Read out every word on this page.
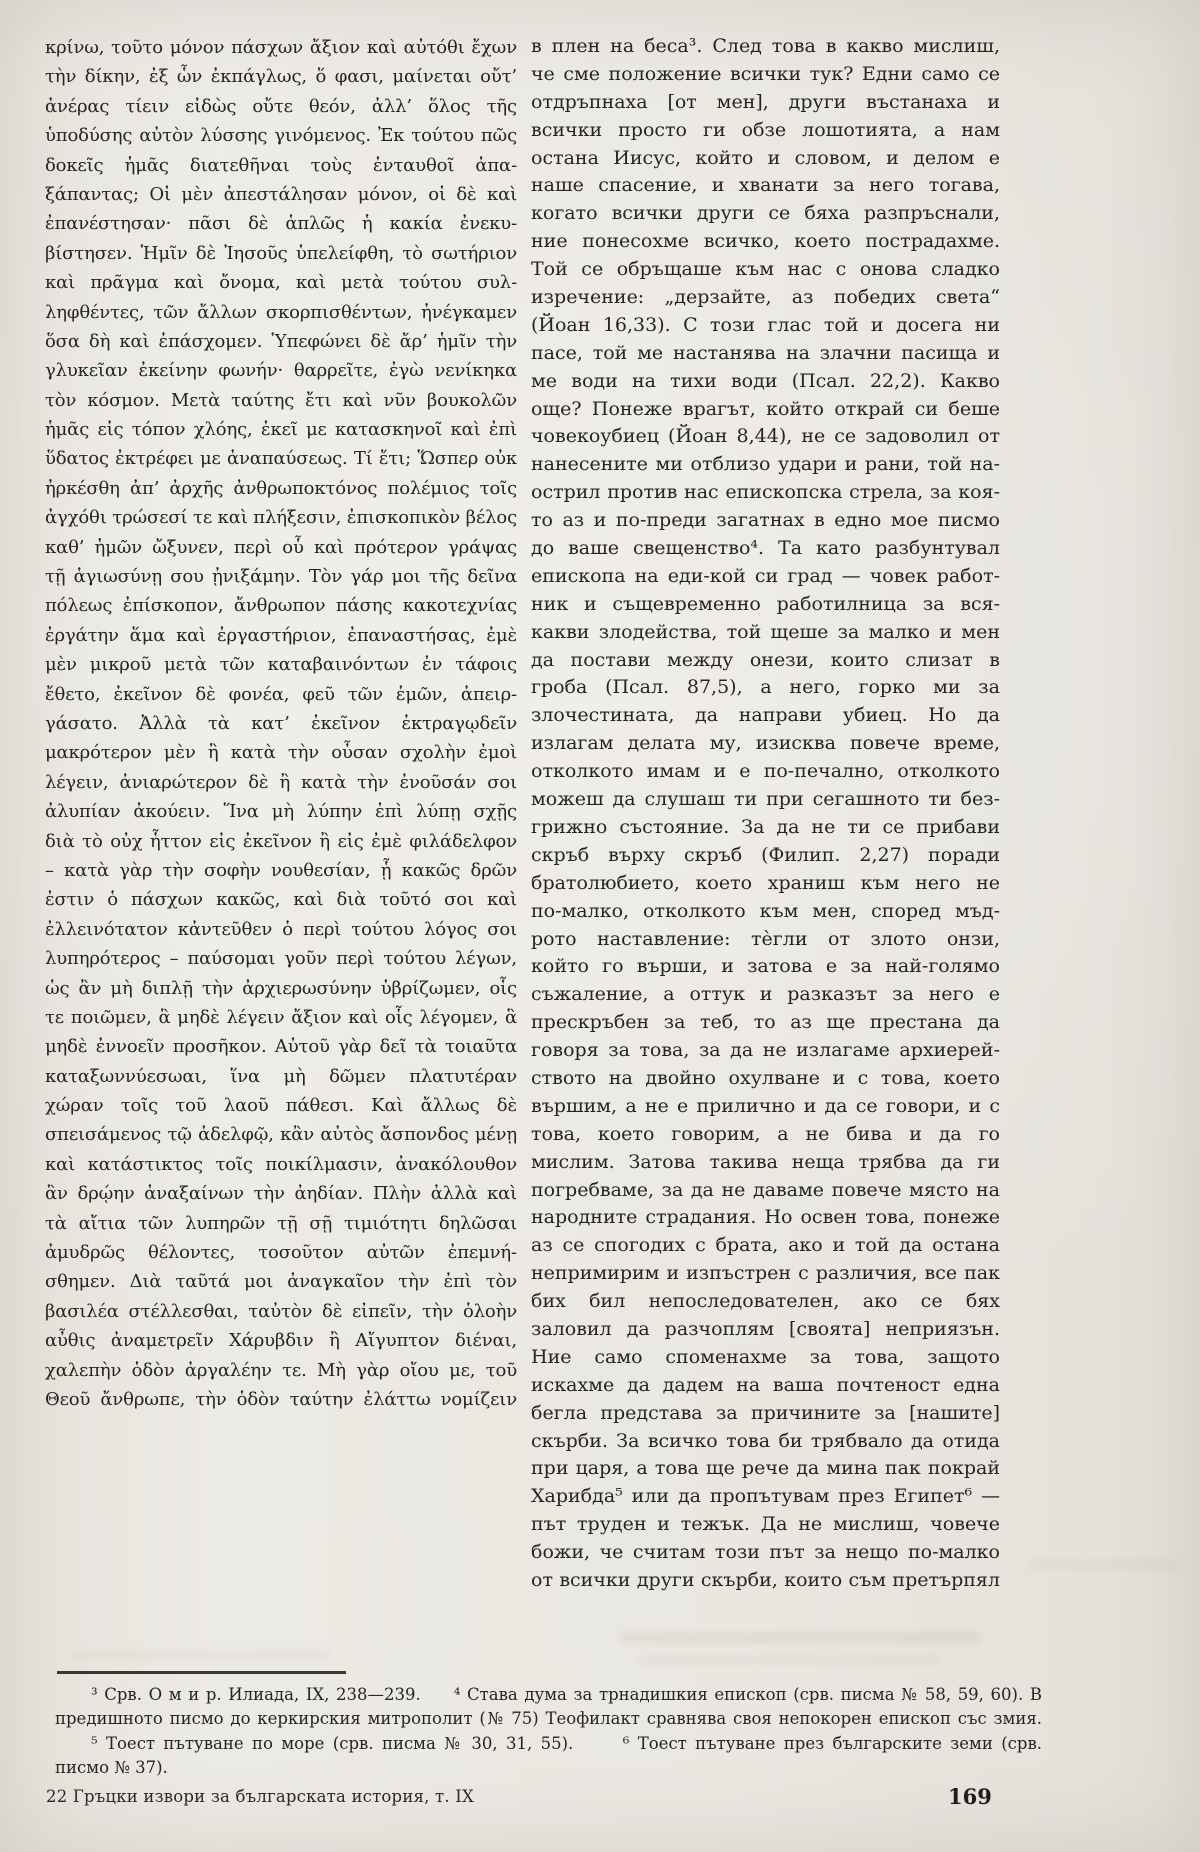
κρίνω, τοῦτο μόνον πάσχων ἄξιον καὶ αὐτόθι ἔχων
τὴν δίκην, ἐξ ὧν ἐκπάγλως, ὅ φασι, μαίνεται οὔτ’
ἀνέρας τίειν εἰδὼς οὔτε θεόν, ἀλλ’ ὅλος τῆς
ὑποδύσης αὐτὸν λύσσης γινόμενος. Ἐκ τούτου πῶς
δοκεῖς ἡμᾶς διατεθῆναι τοὺς ἐνταυθοῖ ἀπα-
ξάπαντας; Οἱ μὲν ἀπεστάλησαν μόνον, οἱ δὲ καὶ
ἐπανέστησαν· πᾶσι δὲ ἁπλῶς ἡ κακία ἐνεκυ-
βίστησεν. Ἡμῖν δὲ Ἰησοῦς ὑπελείφθη, τὸ σωτήριον
καὶ πρᾶγμα καὶ ὄνομα, καὶ μετὰ τούτου συλ-
ληφθέντες, τῶν ἄλλων σκορπισθέντων, ἠνέγκαμεν
ὅσα δὴ καὶ ἐπάσχομεν. Ὑπεφώνει δὲ ἄρ’ ἡμῖν τὴν
γλυκεῖαν ἐκείνην φωνήν· θαρρεῖτε, ἐγὼ νενίκηκα
τὸν κόσμον. Μετὰ ταύτης ἔτι καὶ νῦν βουκολῶν
ἡμᾶς εἰς τόπον χλόης, ἐκεῖ με κατασκηνοῖ καὶ ἐπὶ
ὕδατος ἐκτρέφει με ἀναπαύσεως. Τί ἔτι; Ὥσπερ οὐκ
ἠρκέσθη ἀπ’ ἀρχῆς ἀνθρωποκτόνος πολέμιος τοῖς
ἀγχόθι τρώσεσί τε καὶ πλήξεσιν, ἐπισκοπικὸν βέλος
καθ’ ἡμῶν ὤξυνεν, περὶ οὗ καὶ πρότερον γράψας
τῇ ἁγιωσύνῃ σου ᾐνιξάμην. Τὸν γάρ μοι τῆς δεῖνα
πόλεως ἐπίσκοπον, ἄνθρωπον πάσης κακοτεχνίας
ἐργάτην ἅμα καὶ ἐργαστήριον, ἐπαναστήσας, ἐμὲ
μὲν μικροῦ μετὰ τῶν καταβαινόντων ἐν τάφοις
ἔθετο, ἐκεῖνον δὲ φονέα, φεῦ τῶν ἐμῶν, ἀπειρ-
γάσατο. Ἀλλὰ τὰ κατ’ ἐκεῖνον ἐκτραγῳδεῖν
μακρότερον μὲν ἢ κατὰ τὴν οὖσαν σχολὴν ἐμοὶ
λέγειν, ἀνιαρώτερον δὲ ἢ κατὰ τὴν ἐνοῦσάν σοι
ἀλυπίαν ἀκούειν. Ἵνα μὴ λύπην ἐπὶ λύπῃ σχῇς
διὰ τὸ οὐχ ἧττον εἰς ἐκεῖνον ἢ εἰς ἐμὲ φιλάδελφον
– κατὰ γὰρ τὴν σοφὴν νουθεσίαν, ᾗ κακῶς δρῶν
ἐστιν ὁ πάσχων κακῶς, καὶ διὰ τοῦτό σοι καὶ
ἐλλεινότατον κἀντεῦθεν ὁ περὶ τούτου λόγος σοι
λυπηρότερος – παύσομαι γοῦν περὶ τούτου λέγων,
ὡς ἂν μὴ διπλῇ τὴν ἀρχιερωσύνην ὑβρίζωμεν, οἷς
τε ποιῶμεν, ἃ μηδὲ λέγειν ἄξιον καὶ οἷς λέγομεν, ἃ
μηδὲ ἐννοεῖν προσῆκον. Αὐτοῦ γὰρ δεῖ τὰ τοιαῦτα
καταξωννύεσωαι, ἵνα μὴ δῶμεν πλατυτέραν
χώραν τοῖς τοῦ λαοῦ πάθεσι. Καὶ ἄλλως δὲ
σπεισάμενος τῷ ἀδελφῷ, κἂν αὐτὸς ἄσπονδος μένῃ
καὶ κατάστικτος τοῖς ποικίλμασιν, ἀνακόλουθον
ἂν δρῴην ἀναξαίνων τὴν ἀηδίαν. Πλὴν ἀλλὰ καὶ
τὰ αἴτια τῶν λυπηρῶν τῇ σῇ τιμιότητι δηλῶσαι
ἀμυδρῶς θέλοντες, τοσοῦτον αὐτῶν ἐπεμνή-
σθημεν. Διὰ ταῦτά μοι ἀναγκαῖον τὴν ἐπὶ τὸν
βασιλέα στέλλεσθαι, ταὐτὸν δὲ εἰπεῖν, τὴν ὁλοὴν
αὖθις ἀναμετρεῖν Χάρυβδιν ἢ Αἴγυπτον διέναι,
χαλεπὴν ὁδὸν ἀργαλέην τε. Μὴ γὰρ οἴου με, τοῦ
Θεοῦ ἄνθρωπε, τὴν ὁδὸν ταύτην ἐλάττω νομίζειν
в плен на беса³. След това в какво мислиш,
че сме положение всички тук? Едни само се
отдръпнаха [от мен], други въстанаха и
всички просто ги обзе лошотията, а нам
остана Иисус, който и словом, и делом е
наше спасение, и хванати за него тогава,
когато всички други се бяха разпръснали,
ние понесохме всичко, което пострадахме.
Той се обръщаше към нас с онова сладко
изречение: „дерзайте, аз победих света“
(Йоан 16,33). С този глас той и досега ни
пасе, той ме настанява на злачни пасища и
ме води на тихи води (Псал. 22,2). Какво
още? Понеже врагът, който открай си беше
човекоубиец (Йоан 8,44), не се задоволил от
нанесените ми отблизо удари и рани, той на-
острил против нас епископска стрела, за коя-
то аз и по-преди загатнах в едно мое писмо
до ваше свещенство⁴. Та като разбунтувал
епископа на еди-кой си град — човек работ-
ник и същевременно работилница за вся-
какви злодейства, той щеше за малко и мен
да постави между онези, които слизат в
гроба (Псал. 87,5), а него, горко ми за
злочестината, да направи убиец. Но да
излагам делата му, изисква повече време,
отколкото имам и е по-печално, отколкото
можеш да слушаш ти при сегашното ти без-
грижно състояние. За да не ти се прибави
скръб върху скръб (Филип. 2,27) поради
братолюбието, което храниш към него не
по-малко, отколкото към мен, според мъд-
рото наставление: тѐгли от злото онзи,
който го върши, и затова е за най-голямо
съжаление, а оттук и разказът за него е
прескръбен за теб, то аз ще престана да
говоря за това, за да не излагаме архиерей-
ството на двойно охулване и с това, което
вършим, а не е прилично и да се говори, и с
това, което говорим, а не бива и да го
мислим. Затова такива неща трябва да ги
погребваме, за да не даваме повече място на
народните страдания. Но освен това, понеже
аз се спогодих с брата, ако и той да остана
непримирим и изпъстрен с различия, все пак
бих бил непоследователен, ако се бях
заловил да разчоплям [своята] неприязън.
Ние само споменахме за това, защото
искахме да дадем на ваша почтеност една
бегла представа за причините за [нашите]
скърби. За всичко това би трябвало да отида
при царя, а това ще рече да мина пак покрай
Харибда⁵ или да пропътувам през Египет⁶ —
път труден и тежък. Да не мислиш, човече
божи, че считам този път за нещо по-малко
от всички други скърби, които съм претърпял
³ Срв. О м и р. Илиада, IX, 238—239.  ⁴ Става дума за трнадишкия епископ (срв. писма № 58, 59, 60). В
предишното писмо до керкирския митрополит (№ 75) Теофилакт сравнява своя непокорен епископ със змия.
⁵ Тоест пътуване по море (срв. писма № 30, 31, 55).   ⁶ Тоест пътуване през българските земи (срв.
писмо № 37).
22 Гръцки извори за българската история, т. IX	169
